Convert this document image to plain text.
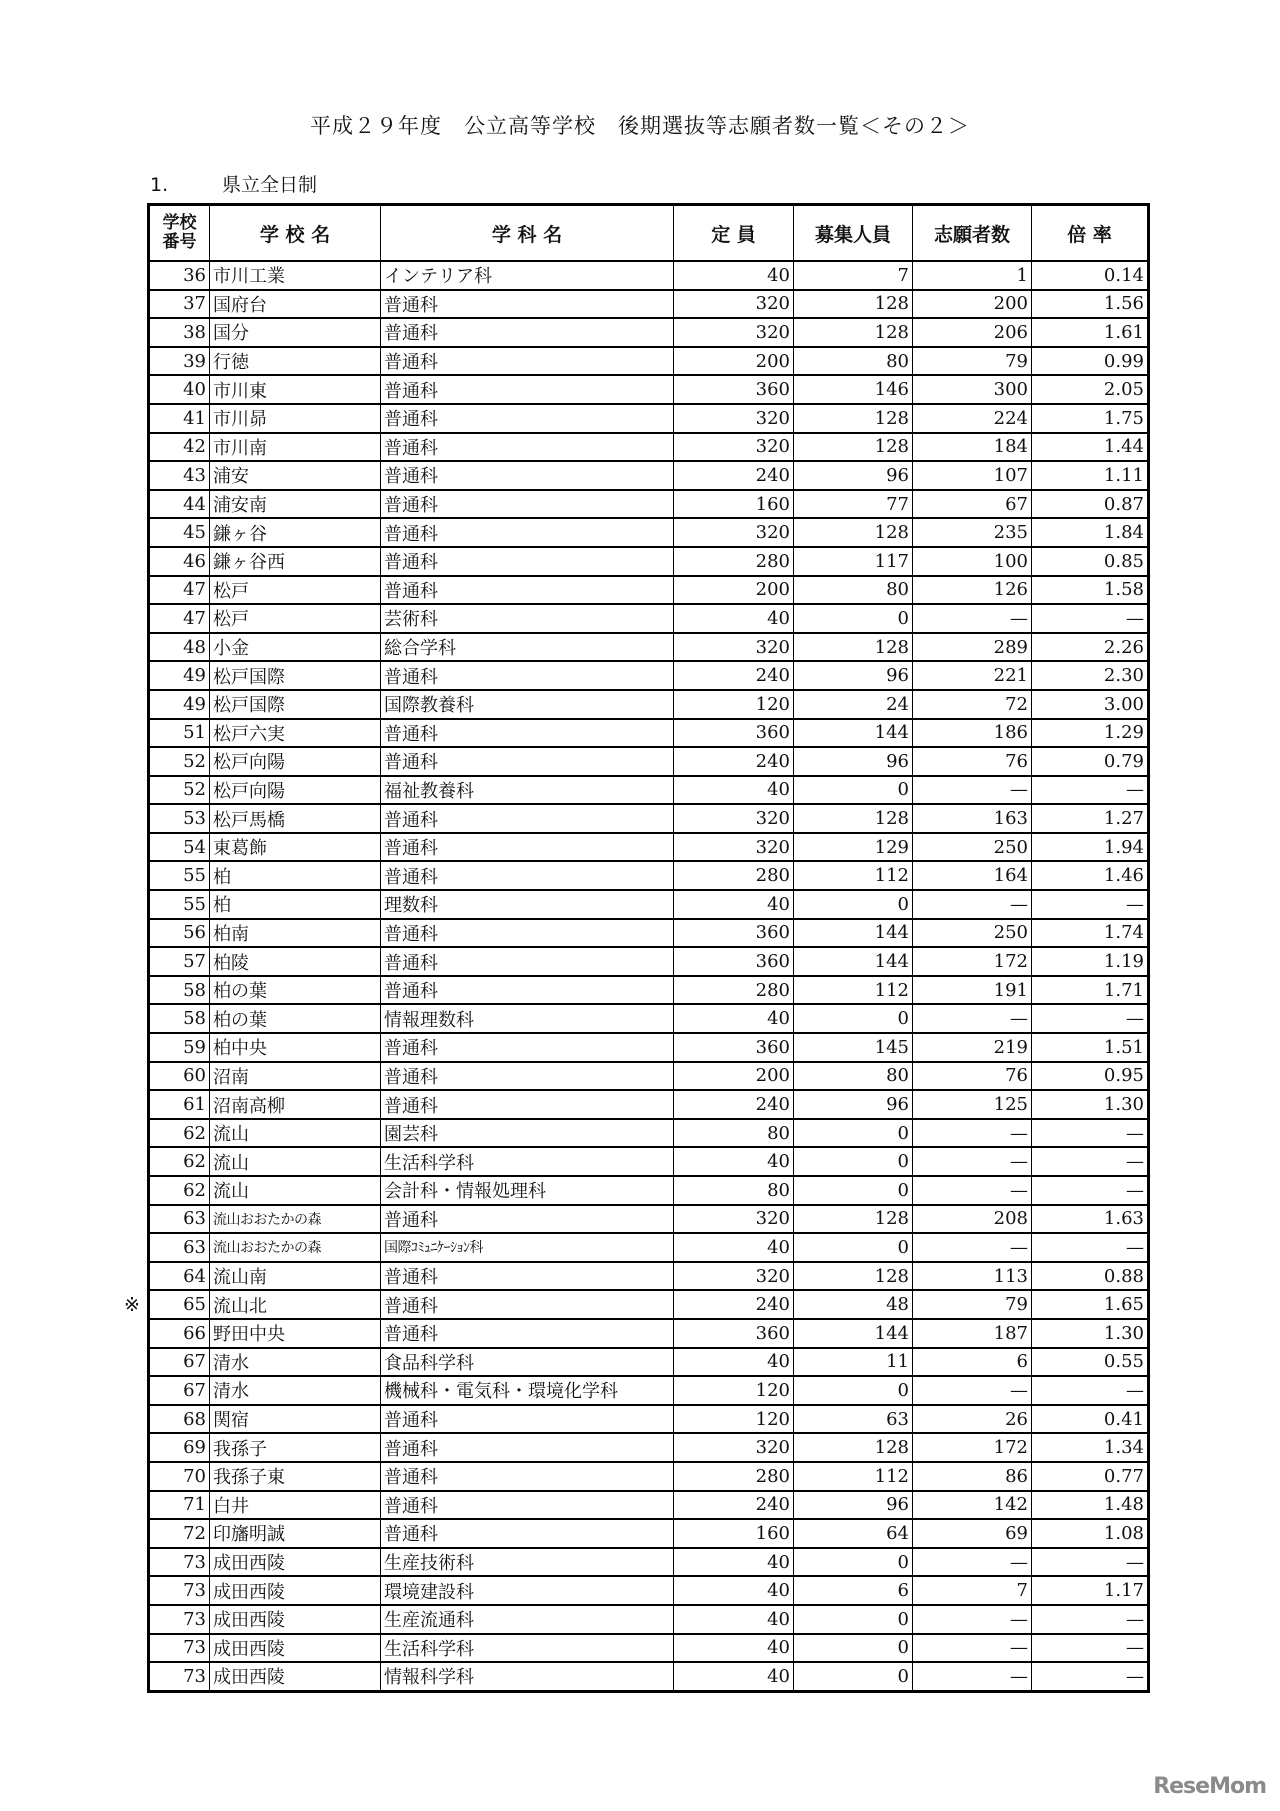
平成２９年度　公立高等学校　後期選抜等志願者数一覧＜その２＞
1.	県立全日制
学校
番号	学 校 名	学 科 名	定 員	募集人員	志願者数	倍 率
36	市川工業	インテリア科	40	7	1	0.14
37	国府台	普通科	320	128	200	1.56
38	国分	普通科	320	128	206	1.61
39	行徳	普通科	200	80	79	0.99
40	市川東	普通科	360	146	300	2.05
41	市川昴	普通科	320	128	224	1.75
42	市川南	普通科	320	128	184	1.44
43	浦安	普通科	240	96	107	1.11
44	浦安南	普通科	160	77	67	0.87
45	鎌ヶ谷	普通科	320	128	235	1.84
46	鎌ヶ谷西	普通科	280	117	100	0.85
47	松戸	普通科	200	80	126	1.58
47	松戸	芸術科	40	0	—	—
48	小金	総合学科	320	128	289	2.26
49	松戸国際	普通科	240	96	221	2.30
49	松戸国際	国際教養科	120	24	72	3.00
51	松戸六実	普通科	360	144	186	1.29
52	松戸向陽	普通科	240	96	76	0.79
52	松戸向陽	福祉教養科	40	0	—	—
53	松戸馬橋	普通科	320	128	163	1.27
54	東葛飾	普通科	320	129	250	1.94
55	柏	普通科	280	112	164	1.46
55	柏	理数科	40	0	—	—
56	柏南	普通科	360	144	250	1.74
57	柏陵	普通科	360	144	172	1.19
58	柏の葉	普通科	280	112	191	1.71
58	柏の葉	情報理数科	40	0	—	—
59	柏中央	普通科	360	145	219	1.51
60	沼南	普通科	200	80	76	0.95
61	沼南高柳	普通科	240	96	125	1.30
62	流山	園芸科	80	0	—	—
62	流山	生活科学科	40	0	—	—
62	流山	会計科・情報処理科	80	0	—	—
63	流山おおたかの森	普通科	320	128	208	1.63
63	流山おおたかの森	国際ｺﾐｭﾆｹｰｼｮﾝ科	40	0	—	—
64	流山南	普通科	320	128	113	0.88
65	流山北	普通科	240	48	79	1.65
66	野田中央	普通科	360	144	187	1.30
67	清水	食品科学科	40	11	6	0.55
67	清水	機械科・電気科・環境化学科	120	0	—	—
68	関宿	普通科	120	63	26	0.41
69	我孫子	普通科	320	128	172	1.34
70	我孫子東	普通科	280	112	86	0.77
71	白井	普通科	240	96	142	1.48
72	印旛明誠	普通科	160	64	69	1.08
73	成田西陵	生産技術科	40	0	—	—
73	成田西陵	環境建設科	40	6	7	1.17
73	成田西陵	生産流通科	40	0	—	—
73	成田西陵	生活科学科	40	0	—	—
73	成田西陵	情報科学科	40	0	—	—
※
ReseMom
